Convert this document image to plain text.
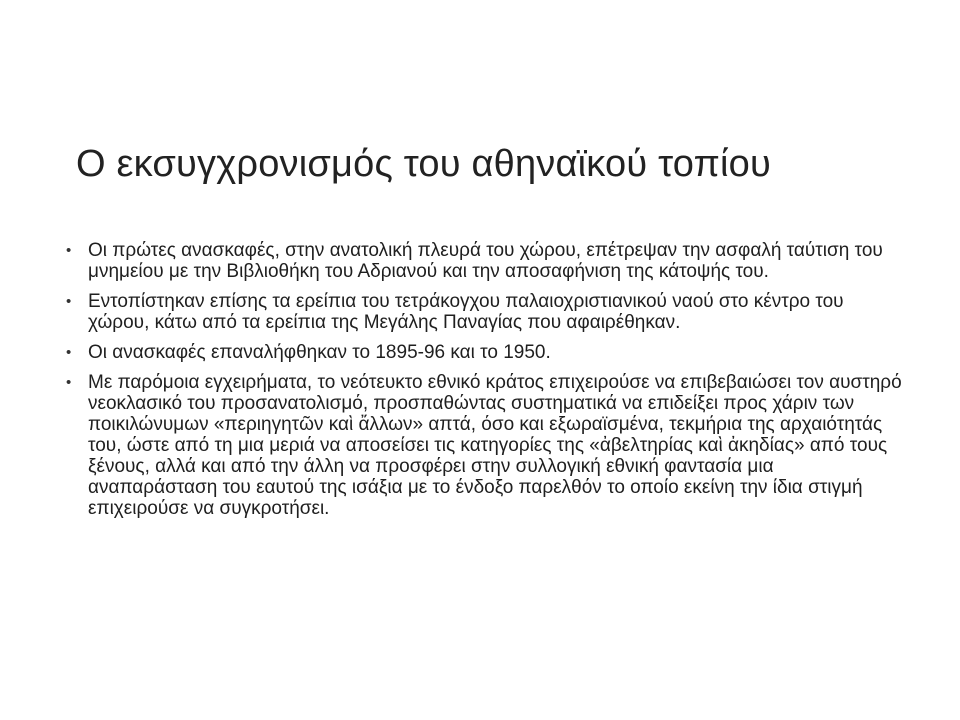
Ο εκσυγχρονισμός του αθηναϊκού τοπίου
• Οι πρώτες ανασκαφές, στην ανατολική πλευρά του χώρου, επέτρεψαν την ασφαλή ταύτιση του μνημείου με την Βιβλιοθήκη του Αδριανού και την αποσαφήνιση της κάτοψής του.
• Εντοπίστηκαν επίσης τα ερείπια του τετράκογχου παλαιοχριστιανικού ναού στο κέντρο του χώρου, κάτω από τα ερείπια της Μεγάλης Παναγίας που αφαιρέθηκαν.
• Οι ανασκαφές επαναλήφθηκαν το 1895-96 και το 1950.
• Με παρόμοια εγχειρήματα, το νεότευκτο εθνικό κράτος επιχειρούσε να επιβεβαιώσει τον αυστηρό νεοκλασικό του προσανατολισμό, προσπαθώντας συστηματικά να επιδείξει προς χάριν των ποικιλώνυμων «περιηγητῶν καὶ ἄλλων» απτά, όσο και εξωραϊσμένα, τεκμήρια της αρχαιότητάς του, ώστε από τη μια μεριά να αποσείσει τις κατηγορίες της «ἀβελτηρίας καὶ ἀκηδίας» από τους ξένους, αλλά και από την άλλη να προσφέρει στην συλλογική εθνική φαντασία μια αναπαράσταση του εαυτού της ισάξια με το ένδοξο παρελθόν το οποίο εκείνη την ίδια στιγμή επιχειρούσε να συγκροτήσει.
